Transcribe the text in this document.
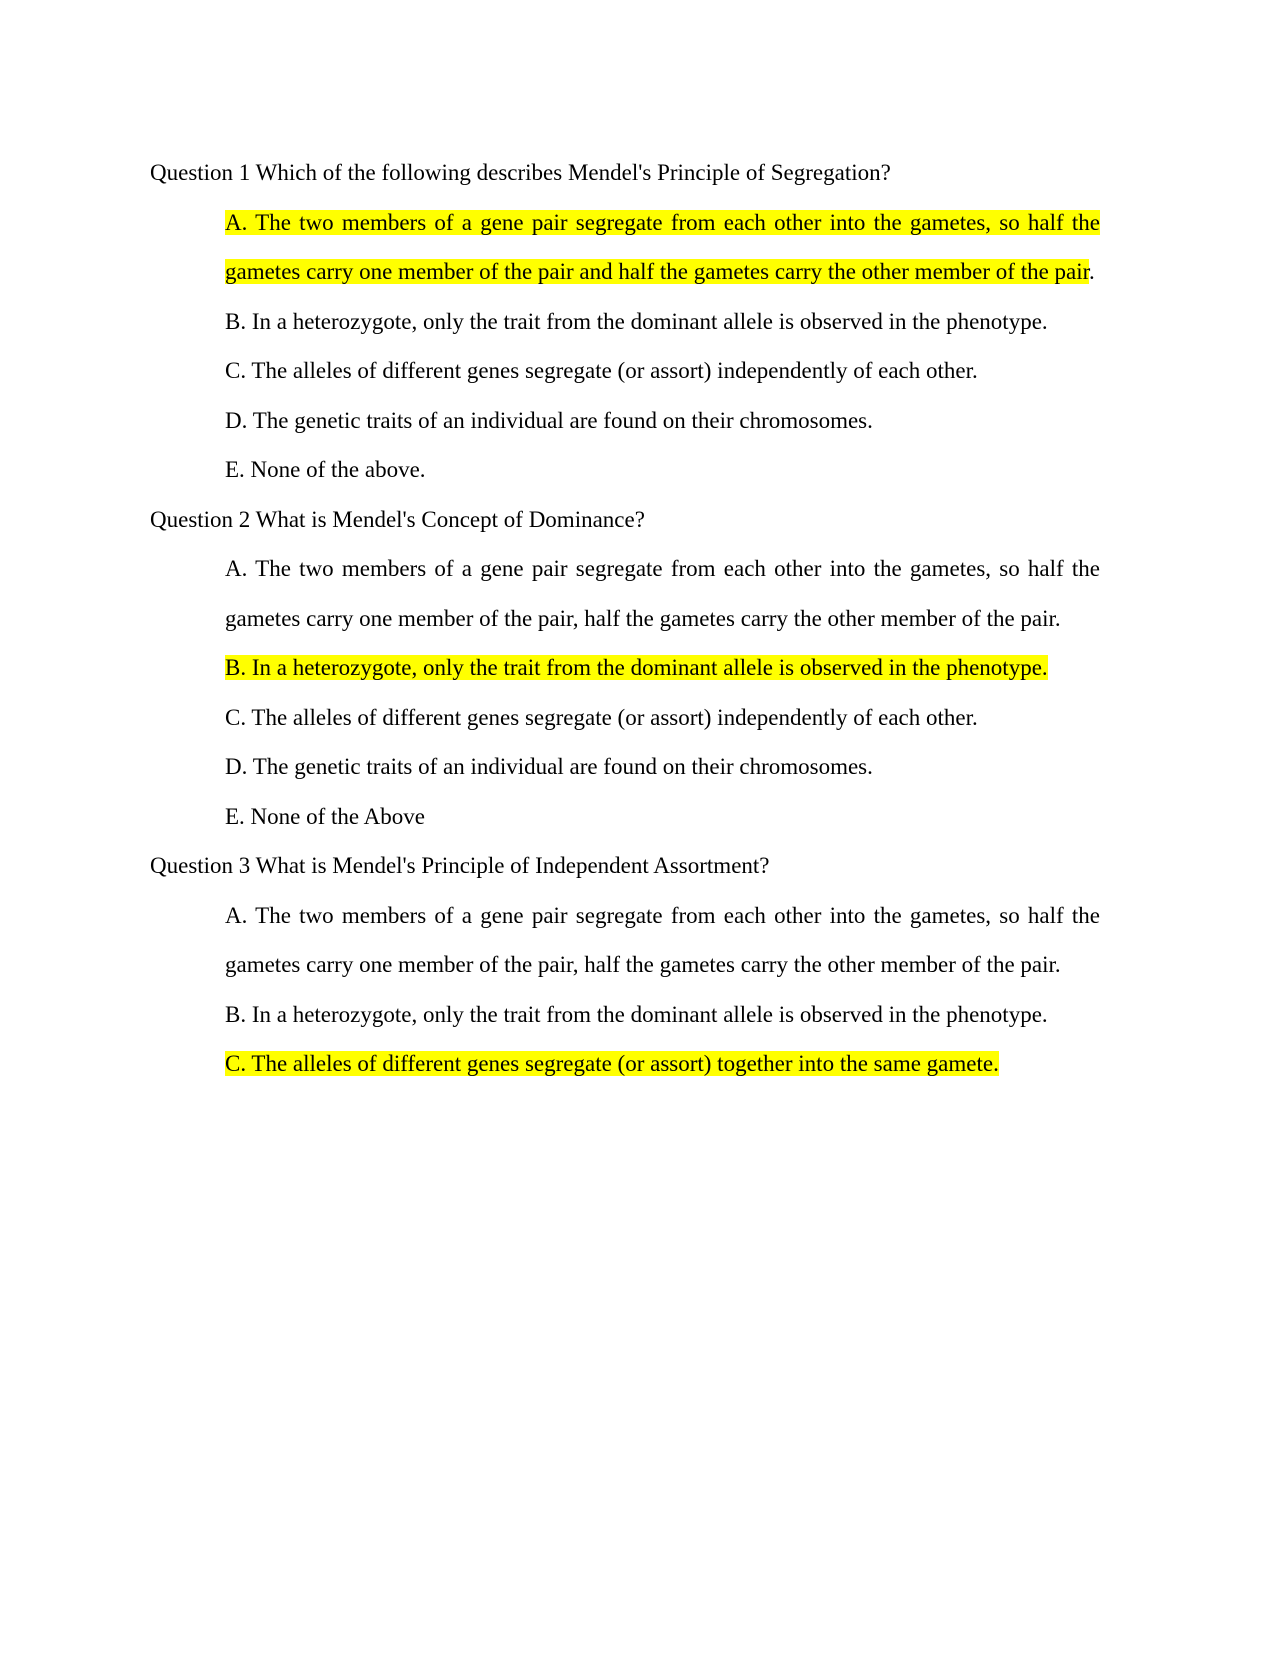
Question 1 Which of the following describes Mendel's Principle of Segregation?

A. The two members of a gene pair segregate from each other into the gametes, so half the gametes carry one member of the pair and half the gametes carry the other member of the pair.

B. In a heterozygote, only the trait from the dominant allele is observed in the phenotype.

C. The alleles of different genes segregate (or assort) independently of each other.

D. The genetic traits of an individual are found on their chromosomes.

E. None of the above.

Question 2 What is Mendel's Concept of Dominance?

A. The two members of a gene pair segregate from each other into the gametes, so half the gametes carry one member of the pair, half the gametes carry the other member of the pair.

B. In a heterozygote, only the trait from the dominant allele is observed in the phenotype.

C. The alleles of different genes segregate (or assort) independently of each other.

D. The genetic traits of an individual are found on their chromosomes.

E. None of the Above

Question 3 What is Mendel's Principle of Independent Assortment?

A. The two members of a gene pair segregate from each other into the gametes, so half the gametes carry one member of the pair, half the gametes carry the other member of the pair.

B. In a heterozygote, only the trait from the dominant allele is observed in the phenotype.

C. The alleles of different genes segregate (or assort) together into the same gamete.
